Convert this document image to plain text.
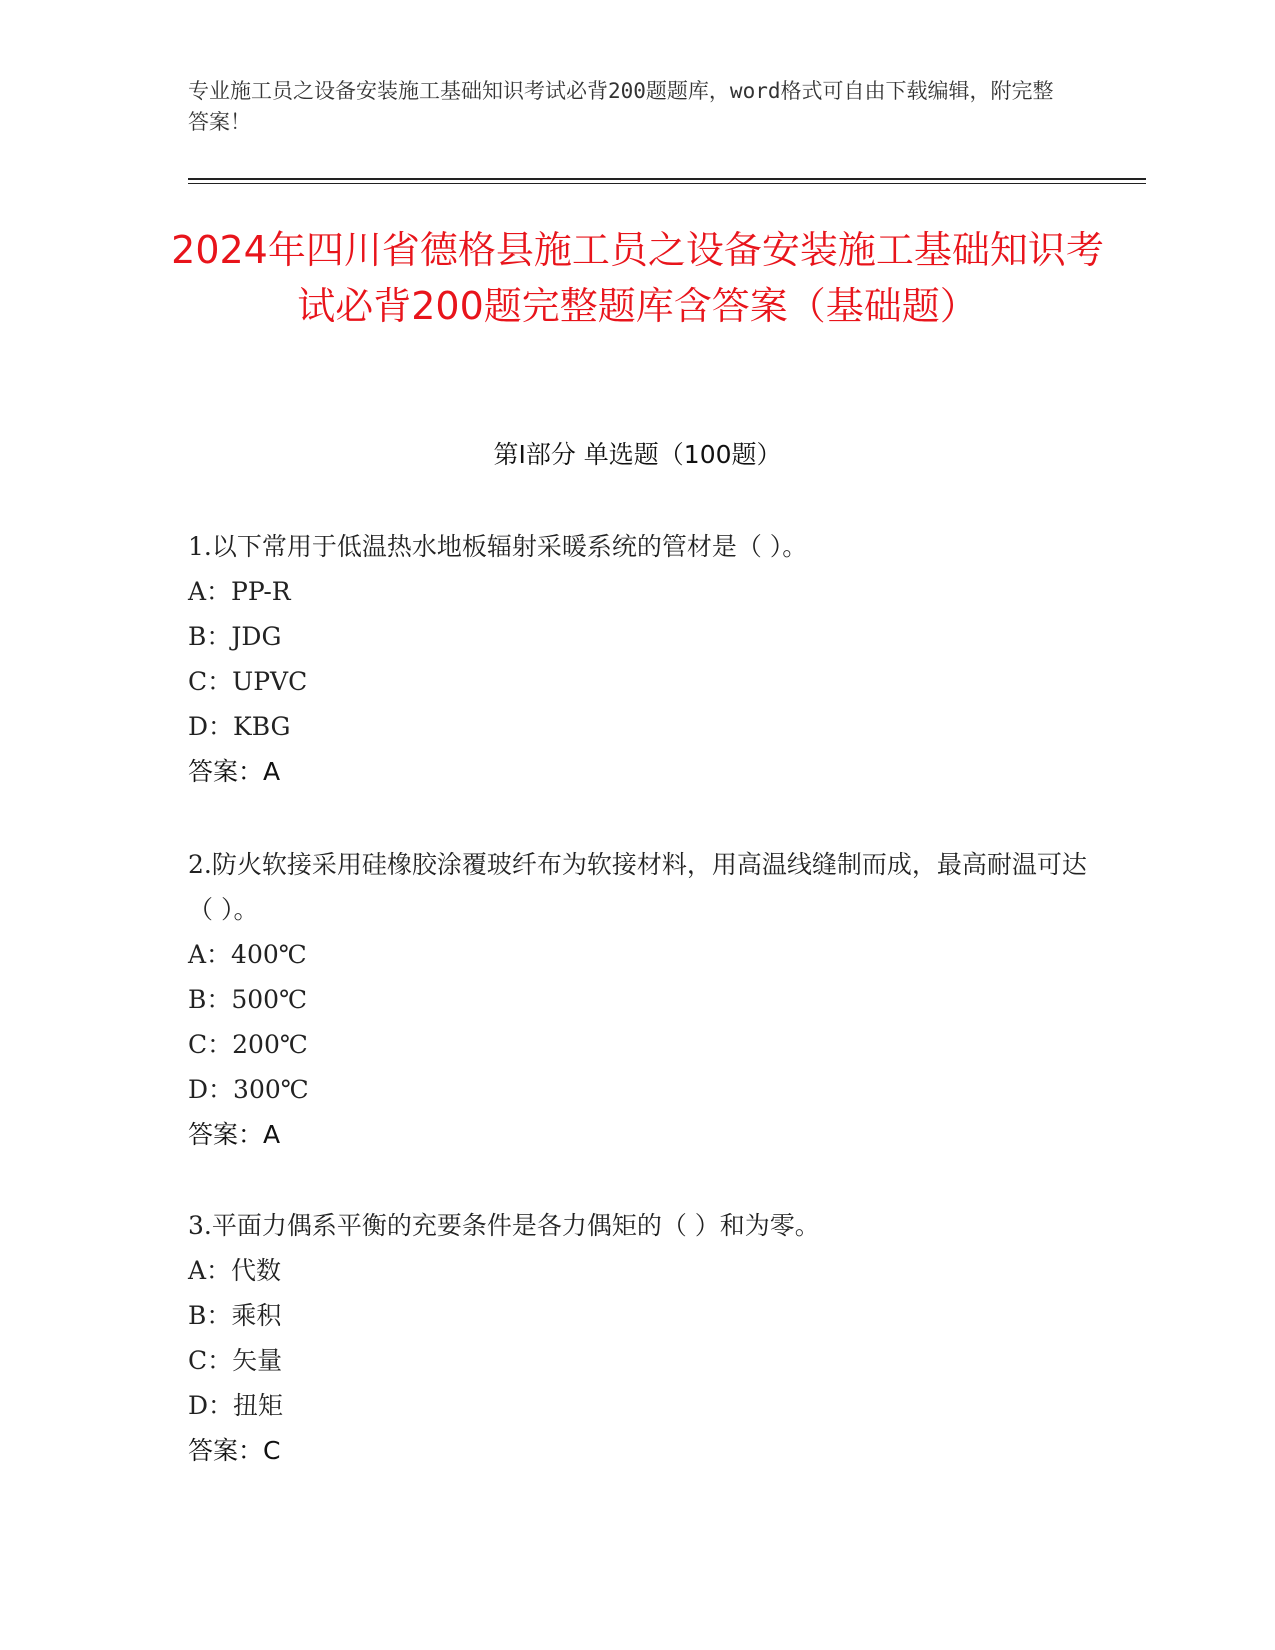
专业施工员之设备安装施工基础知识考试必背200题题库，word格式可自由下载编辑，附完整答案！
2024年四川省德格县施工员之设备安装施工基础知识考试必背200题完整题库含答案（基础题）
第Ⅰ部分 单选题（100题）
1.以下常用于低温热水地板辐射采暖系统的管材是（ ）。
A：PP-R
B：JDG
C：UPVC
D：KBG
答案：A
2.防火软接采用硅橡胶涂覆玻纤布为软接材料，用高温线缝制而成，最高耐温可达（ ）。
A：400℃
B：500℃
C：200℃
D：300℃
答案：A
3.平面力偶系平衡的充要条件是各力偶矩的（ ）和为零。
A：代数
B：乘积
C：矢量
D：扭矩
答案：C
